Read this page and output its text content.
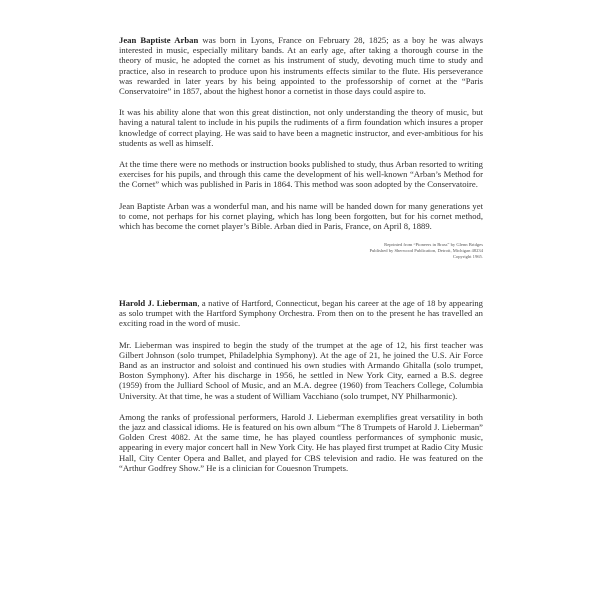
Jean Baptiste Arban was born in Lyons, France on February 28, 1825; as a boy he was always interested in music, especially military bands. At an early age, after taking a thorough course in the theory of music, he adopted the cornet as his instrument of study, devoting much time to study and practice, also in research to produce upon his instruments effects similar to the flute. His perseverance was rewarded in later years by his being appointed to the professorship of cornet at the “Paris Conservatoire” in 1857, about the highest honor a cornetist in those days could aspire to.

It was his ability alone that won this great distinction, not only understanding the theory of music, but having a natural talent to include in his pupils the rudiments of a firm foundation which insures a proper knowledge of correct playing. He was said to have been a magnetic instructor, and ever-ambitious for his students as well as himself.

At the time there were no methods or instruction books published to study, thus Arban resorted to writing exercises for his pupils, and through this came the development of his well-known “Arban’s Method for the Cornet” which was published in Paris in 1864. This method was soon adopted by the Conservatoire.

Jean Baptiste Arban was a wonderful man, and his name will be handed down for many generations yet to come, not perhaps for his cornet playing, which has long been forgotten, but for his cornet method, which has become the cornet player’s Bible. Arban died in Paris, France, on April 8, 1889.

Reprinted from “Pioneers in Brass” by Glenn Bridges
Published by Sherwood Publication, Detroit, Michigan 48234
Copyright 1965.

Harold J. Lieberman, a native of Hartford, Connecticut, began his career at the age of 18 by appearing as solo trumpet with the Hartford Symphony Orchestra. From then on to the present he has travelled an exciting road in the word of music.

Mr. Lieberman was inspired to begin the study of the trumpet at the age of 12, his first teacher was Gilbert Johnson (solo trumpet, Philadelphia Symphony). At the age of 21, he joined the U.S. Air Force Band as an instructor and soloist and continued his own studies with Armando Ghitalla (solo trumpet, Boston Symphony). After his discharge in 1956, he settled in New York City, earned a B.S. degree (1959) from the Julliard School of Music, and an M.A. degree (1960) from Teachers College, Columbia University. At that time, he was a student of William Vacchiano (solo trumpet, NY Philharmonic).

Among the ranks of professional performers, Harold J. Lieberman exemplifies great versatility in both the jazz and classical idioms. He is featured on his own album “The 8 Trumpets of Harold J. Lieberman” Golden Crest 4082. At the same time, he has played countless performances of symphonic music, appearing in every major concert hall in New York City. He has played first trumpet at Radio City Music Hall, City Center Opera and Ballet, and played for CBS television and radio. He was featured on the “Arthur Godfrey Show.” He is a clinician for Couesnon Trumpets.
